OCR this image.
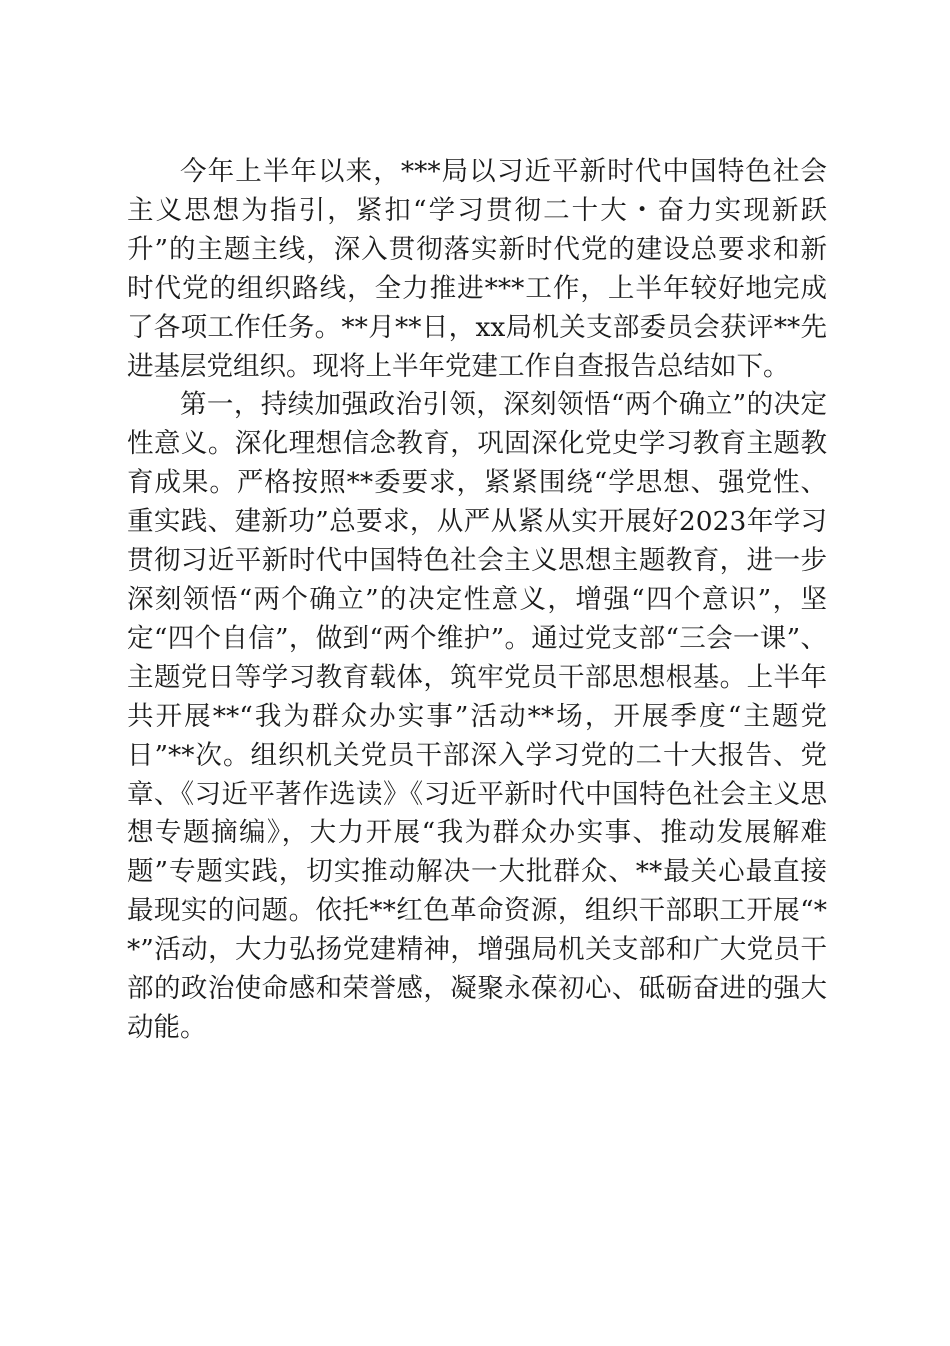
今年上半年以来，***局以习近平新时代中国特色社会主义思想为指引，紧扣“学习贯彻二十大・奋力实现新跃升”的主题主线，深入贯彻落实新时代党的建设总要求和新时代党的组织路线，全力推进***工作，上半年较好地完成了各项工作任务。**月**日，xx局机关支部委员会获评**先进基层党组织。现将上半年党建工作自查报告总结如下。

第一，持续加强政治引领，深刻领悟“两个确立”的决定性意义。深化理想信念教育，巩固深化党史学习教育主题教育成果。严格按照**委要求，紧紧围绕“学思想、强党性、重实践、建新功”总要求，从严从紧从实开展好2023年学习贯彻习近平新时代中国特色社会主义思想主题教育，进一步深刻领悟“两个确立”的决定性意义，增强“四个意识”，坚定“四个自信”，做到“两个维护”。通过党支部“三会一课”、主题党日等学习教育载体，筑牢党员干部思想根基。上半年共开展**“我为群众办实事”活动**场，开展季度“主题党日”**次。组织机关党员干部深入学习党的二十大报告、党章、《习近平著作选读》《习近平新时代中国特色社会主义思想专题摘编》，大力开展“我为群众办实事、推动发展解难题”专题实践，切实推动解决一大批群众、**最关心最直接最现实的问题。依托**红色革命资源，组织干部职工开展“**”活动，大力弘扬党建精神，增强局机关支部和广大党员干部的政治使命感和荣誉感，凝聚永葆初心、砥砺奋进的强大动能。
